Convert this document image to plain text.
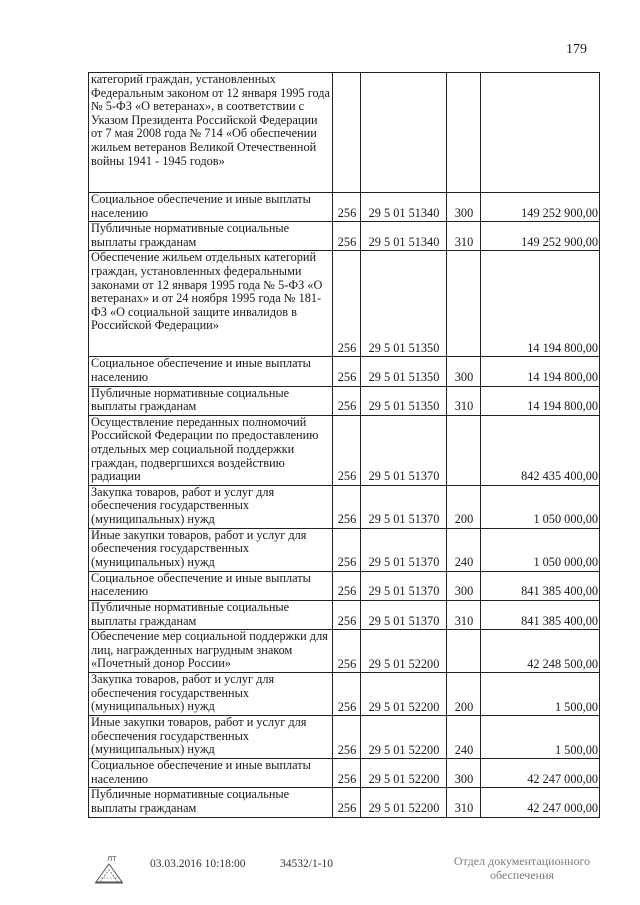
179
категорий граждан, установленных Федеральным законом от 12 января 1995 года № 5-ФЗ «О ветеранах», в соответствии с Указом Президента Российской Федерации от 7 мая 2008 года № 714 «Об обеспечении жильем ветеранов Великой Отечественной войны 1941 - 1945 годов»				
Социальное обеспечение и иные выплаты населению	256	29 5 01 51340	300	149 252 900,00
Публичные нормативные социальные выплаты гражданам	256	29 5 01 51340	310	149 252 900,00
Обеспечение жильем отдельных категорий граждан, установленных федеральными законами от 12 января 1995 года № 5-ФЗ «О ветеранах» и от 24 ноября 1995 года № 181-ФЗ «О социальной защите инвалидов в Российской Федерации»	256	29 5 01 51350		14 194 800,00
Социальное обеспечение и иные выплаты населению	256	29 5 01 51350	300	14 194 800,00
Публичные нормативные социальные выплаты гражданам	256	29 5 01 51350	310	14 194 800,00
Осуществление переданных полномочий Российской Федерации по предоставлению отдельных мер социальной поддержки граждан, подвергшихся воздействию радиации	256	29 5 01 51370		842 435 400,00
Закупка товаров, работ и услуг для обеспечения государственных (муниципальных) нужд	256	29 5 01 51370	200	1 050 000,00
Иные закупки товаров, работ и услуг для обеспечения государственных (муниципальных) нужд	256	29 5 01 51370	240	1 050 000,00
Социальное обеспечение и иные выплаты населению	256	29 5 01 51370	300	841 385 400,00
Публичные нормативные социальные выплаты гражданам	256	29 5 01 51370	310	841 385 400,00
Обеспечение мер социальной поддержки для лиц, награжденных нагрудным знаком «Почетный донор России»	256	29 5 01 52200		42 248 500,00
Закупка товаров, работ и услуг для обеспечения государственных (муниципальных) нужд	256	29 5 01 52200	200	1 500,00
Иные закупки товаров, работ и услуг для обеспечения государственных (муниципальных) нужд	256	29 5 01 52200	240	1 500,00
Социальное обеспечение и иные выплаты населению	256	29 5 01 52200	300	42 247 000,00
Публичные нормативные социальные выплаты гражданам	256	29 5 01 52200	310	42 247 000,00
ЛТ	03.03.2016 10:18:00	34532/1-10	Отдел документационного обеспечения
